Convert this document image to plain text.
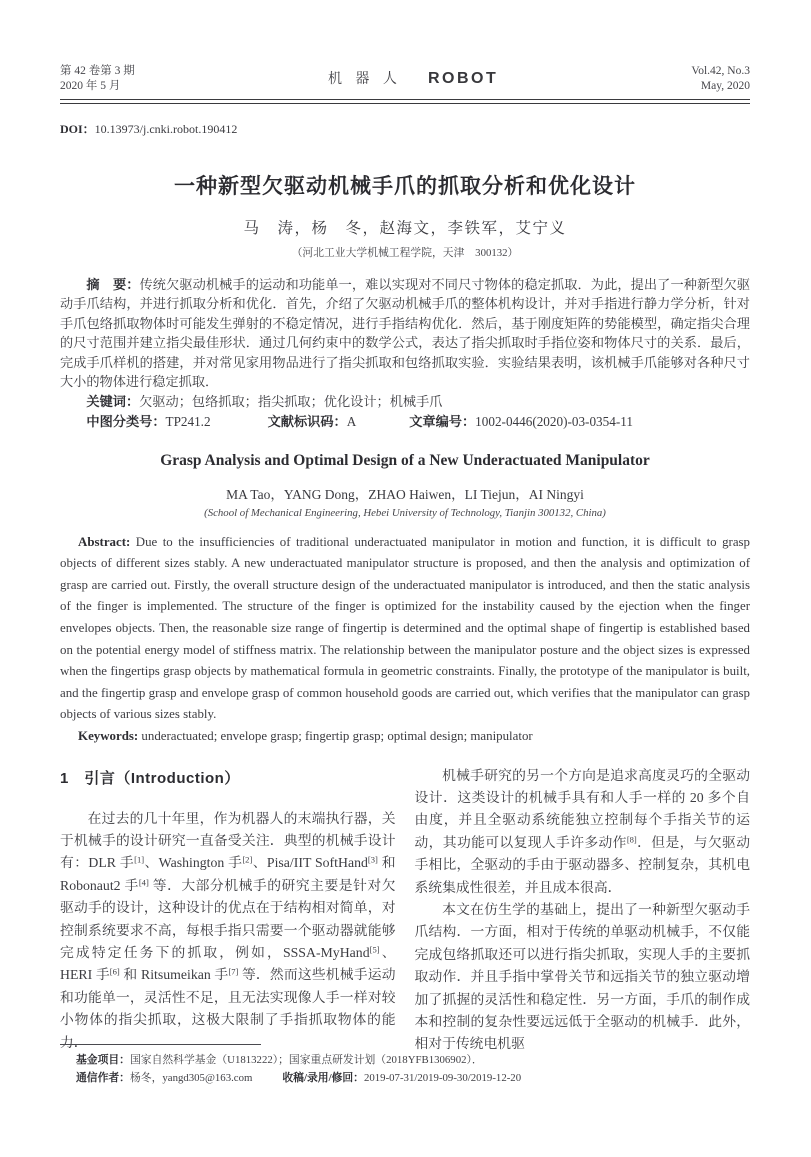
第 42 卷第 3 期
2020 年 5 月	机 器 人 ROBOT	Vol.42, No.3
May, 2020

DOI：10.13973/j.cnki.robot.190412

一种新型欠驱动机械手爪的抓取分析和优化设计

马　涛，杨　冬，赵海文，李铁军，艾宁义

（河北工业大学机械工程学院，天津　300132）

摘　要：传统欠驱动机械手的运动和功能单一，难以实现对不同尺寸物体的稳定抓取．为此，提出了一种新型欠驱动手爪结构，并进行抓取分析和优化．首先，介绍了欠驱动机械手爪的整体机构设计，并对手指进行静力学分析，针对手爪包络抓取物体时可能发生弹射的不稳定情况，进行手指结构优化．然后，基于刚度矩阵的势能模型，确定指尖合理的尺寸范围并建立指尖最佳形状．通过几何约束中的数学公式，表达了指尖抓取时手指位姿和物体尺寸的关系．最后，完成手爪样机的搭建，并对常见家用物品进行了指尖抓取和包络抓取实验．实验结果表明，该机械手爪能够对各种尺寸大小的物体进行稳定抓取．

关键词：欠驱动；包络抓取；指尖抓取；优化设计；机械手爪

中图分类号：TP241.2	文献标识码：A	文章编号：1002-0446(2020)-03-0354-11

Grasp Analysis and Optimal Design of a New Underactuated Manipulator

MA Tao，YANG Dong，ZHAO Haiwen，LI Tiejun，AI Ningyi

(School of Mechanical Engineering, Hebei University of Technology, Tianjin 300132, China)

Abstract: Due to the insufficiencies of traditional underactuated manipulator in motion and function, it is difficult to grasp objects of different sizes stably. A new underactuated manipulator structure is proposed, and then the analysis and optimization of grasp are carried out. Firstly, the overall structure design of the underactuated manipulator is introduced, and then the static analysis of the finger is implemented. The structure of the finger is optimized for the instability caused by the ejection when the finger envelopes objects. Then, the reasonable size range of fingertip is determined and the optimal shape of fingertip is established based on the potential energy model of stiffness matrix. The relationship between the manipulator posture and the object sizes is expressed when the fingertips grasp objects by mathematical formula in geometric constraints. Finally, the prototype of the manipulator is built, and the fingertip grasp and envelope grasp of common household goods are carried out, which verifies that the manipulator can grasp objects of various sizes stably.

Keywords: underactuated; envelope grasp; fingertip grasp; optimal design; manipulator

1　引言（Introduction）

在过去的几十年里，作为机器人的末端执行器，关于机械手的设计研究一直备受关注．典型的机械手设计有：DLR 手[1]、Washington 手[2]、Pisa/IIT SoftHand[3] 和 Robonaut2 手[4] 等．大部分机械手的研究主要是针对欠驱动手的设计，这种设计的优点在于结构相对简单，对控制系统要求不高，每根手指只需要一个驱动器就能够完成特定任务下的抓取，例如，SSSA-MyHand[5]、HERI 手[6] 和 Ritsumeikan 手[7] 等．然而这些机械手运动和功能单一，灵活性不足，且无法实现像人手一样对较小物体的指尖抓取，这极大限制了手指抓取物体的能力．

机械手研究的另一个方向是追求高度灵巧的全驱动设计．这类设计的机械手具有和人手一样的 20 多个自由度，并且全驱动系统能独立控制每个手指关节的运动，其功能可以复现人手许多动作[8]．但是，与欠驱动手相比，全驱动的手由于驱动器多、控制复杂，其机电系统集成性很差，并且成本很高．

本文在仿生学的基础上，提出了一种新型欠驱动手爪结构．一方面，相对于传统的单驱动机械手，不仅能完成包络抓取还可以进行指尖抓取，实现人手的主要抓取动作．并且手指中掌骨关节和远指关节的独立驱动增加了抓握的灵活性和稳定性．另一方面，手爪的制作成本和控制的复杂性要远远低于全驱动的机械手．此外，相对于传统电机驱

基金项目：国家自然科学基金（U1813222）；国家重点研发计划（2018YFB1306902）．

通信作者：杨冬，yangd305@163.com	收稿/录用/修回：2019-07-31/2019-09-30/2019-12-20
